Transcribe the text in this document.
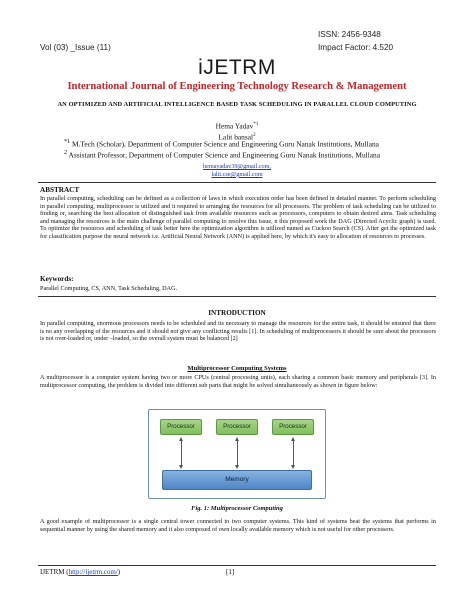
ISSN: 2456-9348
Vol (03) _Issue (11)	Impact Factor: 4.520
iJETRM
International Journal of Engineering Technology Research & Management
AN OPTIMIZED AND ARTIFICIAL INTELLIGENCE BASED TASK SCHEDULING IN PARALLEL CLOUD COMPUTING
Hema Yadav$^{*1}$
Lalit bansal$^2$
$^{*1}$ M.Tech (Scholar), Department of Computer Science and Engineering Guru Nanak Institutions, Mullana
$^2$ Assistant Professor, Department of Computer Science and Engineering Guru Nanak Institutions, Mullana
hemayadav39@gmail.com,
lalit.cse@gmail.com
ABSTRACT
In parallel computing, scheduling can be defined as a collection of laws in which execution order has been defined in detailed manner. To perform scheduling in parallel computing, multiprocessor is utilized and it required to arranging the resources for all processors. The problem of task scheduling can be utilized to finding or, searching the best allocation of distinguished task from available resources such as processors, computers to obtain desired aims. Task scheduling and managing the resources is the main challenge of parallel computing to resolve this issue, n this proposed work the DAG (Directed Acyclic graph) is used. To optimize the resources and scheduling of task better here the optimization algorithm is utilized named as Cuckoo Search (CS). After get the optimized task for classification purpose the neural network i.e. Artificial Neural Network (ANN) is applied here, by which it's easy to allocation of resources to processes.
Keywords:
Parallel Computing, CS, ANN, Task Scheduling, DAG.
INTRODUCTION
In parallel computing, enormous processors needs to be scheduled and its necessary to manage the resources for the entire task, it should be ensured that there is no any overlapping of the resources and it should not give any conflicting results [1]. In scheduling of multiprocessors it should be sure about the processors is not over-loaded or, under –loaded, so the overall system must be balanced [2]
Multiprocessor Computing Systems
A multiprocessor is a computer system having two or more CPUs (central processing units), each sharing a common basic memory and peripherals [3]. In multiprocessor computing, the problem is divided into different sub parts that might be solved simultaneously as shown in figure below:
Processor	Processor	Processor
Memory
Fig. 1: Multiprocessor Computing
A good example of multiprocessor is a single central tower connected to two computer systems. This kind of systems beat the systems that performs in sequential manner by using the shared memory and it also composed of own locally available memory which is not useful for other processors.
IJETRM (http://ijetrm.com/)	[1]
